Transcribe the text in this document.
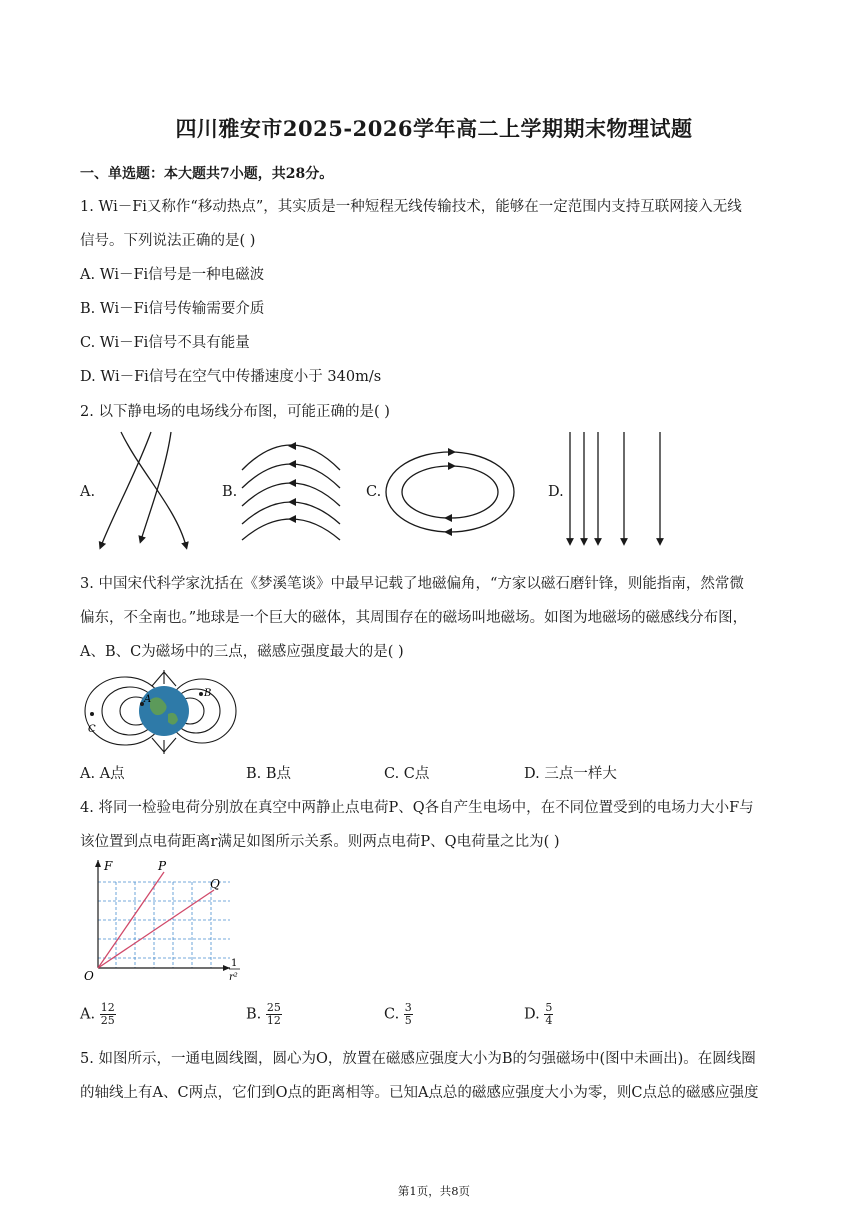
四川雅安市2025-2026学年高二上学期期末物理试题
一、单选题：本大题共7小题，共28分。
1. Wi－Fi又称作“移动热点”，其实质是一种短程无线传输技术，能够在一定范围内支持互联网接入无线
信号。下列说法正确的是( )
A. Wi－Fi信号是一种电磁波
B. Wi－Fi信号传输需要介质
C. Wi－Fi信号不具有能量
D. Wi－Fi信号在空气中传播速度小于 340m/s
2. 以下静电场的电场线分布图，可能正确的是( )
A.	B.	C.	D.
3. 中国宋代科学家沈括在《梦溪笔谈》中最早记载了地磁偏角，“方家以磁石磨针锋，则能指南，然常微
偏东，不全南也。”地球是一个巨大的磁体，其周围存在的磁场叫地磁场。如图为地磁场的磁感线分布图，
A、B、C为磁场中的三点，磁感应强度最大的是( )
B
C
A
A. A点	B. B点	C. C点	D. 三点一样大
4. 将同一检验电荷分别放在真空中两静止点电荷P、Q各自产生电场中，在不同位置受到的电场力大小F与
该位置到点电荷距离r满足如图所示关系。则两点电荷P、Q电荷量之比为( )
F	P
Q
O
1
r²
A. $\frac{12}{25}$	B. $\frac{25}{12}$	C. $\frac{3}{5}$	D. $\frac{5}{4}$
5. 如图所示，一通电圆线圈，圆心为O，放置在磁感应强度大小为B的匀强磁场中(图中未画出)。在圆线圈
的轴线上有A、C两点，它们到O点的距离相等。已知A点总的磁感应强度大小为零，则C点总的磁感应强度
第1页，共8页
